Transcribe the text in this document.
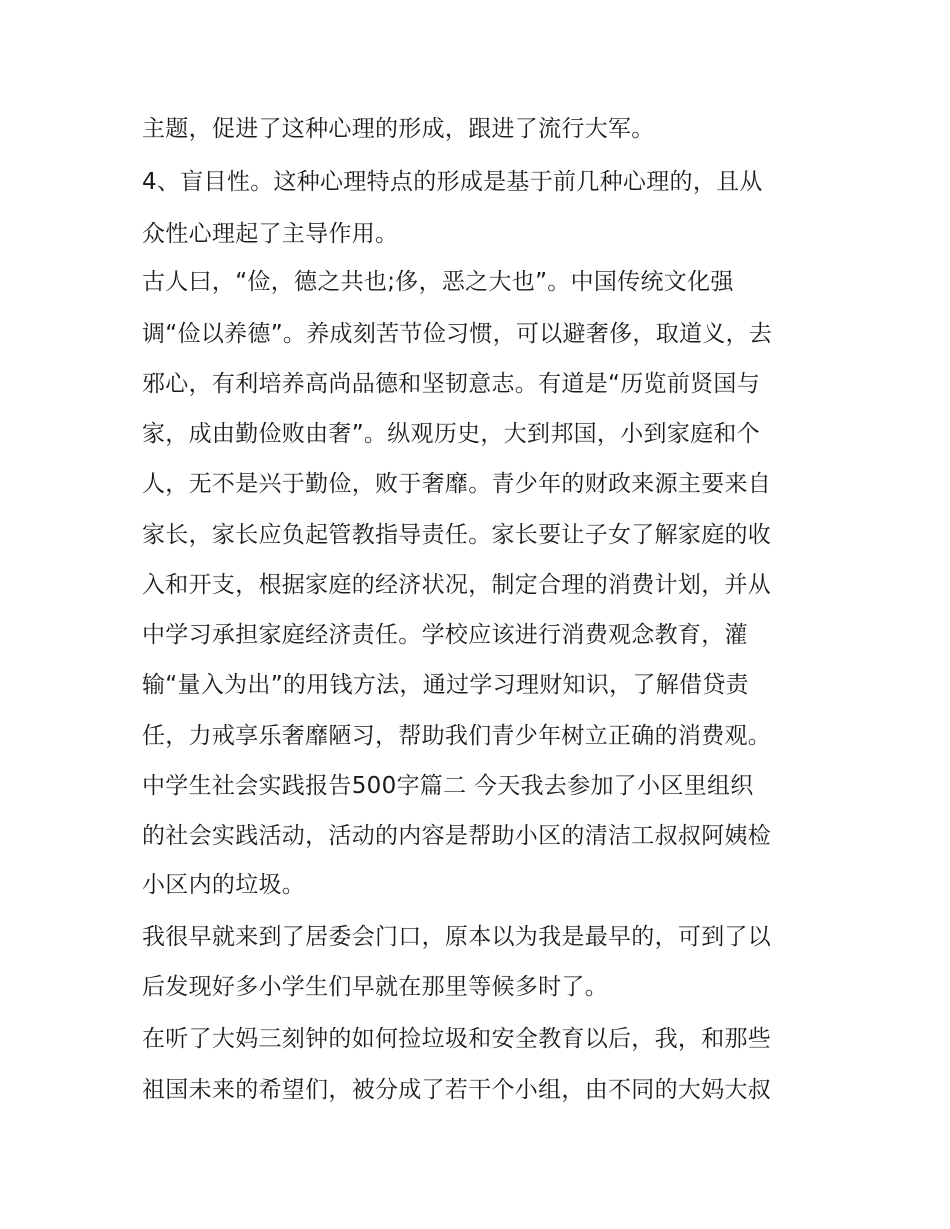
主题，促进了这种心理的形成，跟进了流行大军。
4、盲目性。这种心理特点的形成是基于前几种心理的，且从
众性心理起了主导作用。
古人曰，“俭，德之共也;侈，恶之大也”。中国传统文化强
调“俭以养德”。养成刻苦节俭习惯，可以避奢侈，取道义，去
邪心，有利培养高尚品德和坚韧意志。有道是“历览前贤国与
家，成由勤俭败由奢”。纵观历史，大到邦国，小到家庭和个
人，无不是兴于勤俭，败于奢靡。青少年的财政来源主要来自
家长，家长应负起管教指导责任。家长要让子女了解家庭的收
入和开支，根据家庭的经济状况，制定合理的消费计划，并从
中学习承担家庭经济责任。学校应该进行消费观念教育，灌
输“量入为出”的用钱方法，通过学习理财知识，了解借贷责
任，力戒享乐奢靡陋习，帮助我们青少年树立正确的消费观。
中学生社会实践报告500字篇二 今天我去参加了小区里组织
的社会实践活动，活动的内容是帮助小区的清洁工叔叔阿姨检
小区内的垃圾。
我很早就来到了居委会门口，原本以为我是最早的，可到了以
后发现好多小学生们早就在那里等候多时了。
在听了大妈三刻钟的如何捡垃圾和安全教育以后，我，和那些
祖国未来的希望们，被分成了若干个小组，由不同的大妈大叔
